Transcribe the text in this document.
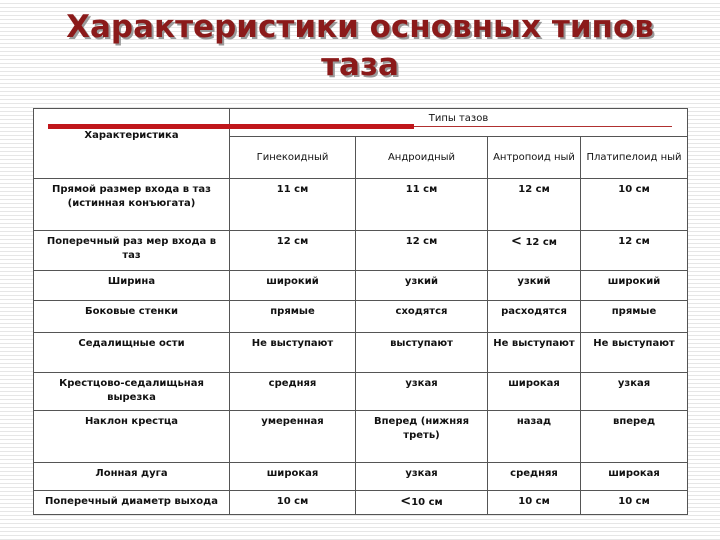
Характеристики основных типов
таза
Характеристика	Типы тазов			
	Гинекоидный	Андроидный	Антропоид ный	Платипелоид ный
Прямой размер входа в таз (истинная конъюгата)	11 см	11 см	12 см	10 см
Поперечный раз мер входа в таз	12 см	12 см	< 12 см	12 см
Ширина	широкий	узкий	узкий	широкий
Боковые стенки	прямые	сходятся	расходятся	прямые
Седалищные ости	Не выступают	выступают	Не выступают	Не выступают
Крестцово-седалищьная вырезка	средняя	узкая	широкая	узкая
Наклон крестца	умеренная	Вперед (нижняя треть)	назад	вперед
Лонная дуга	широкая	узкая	средняя	широкая
Поперечный диаметр выхода	10 см	<10 см	10 см	10 см
